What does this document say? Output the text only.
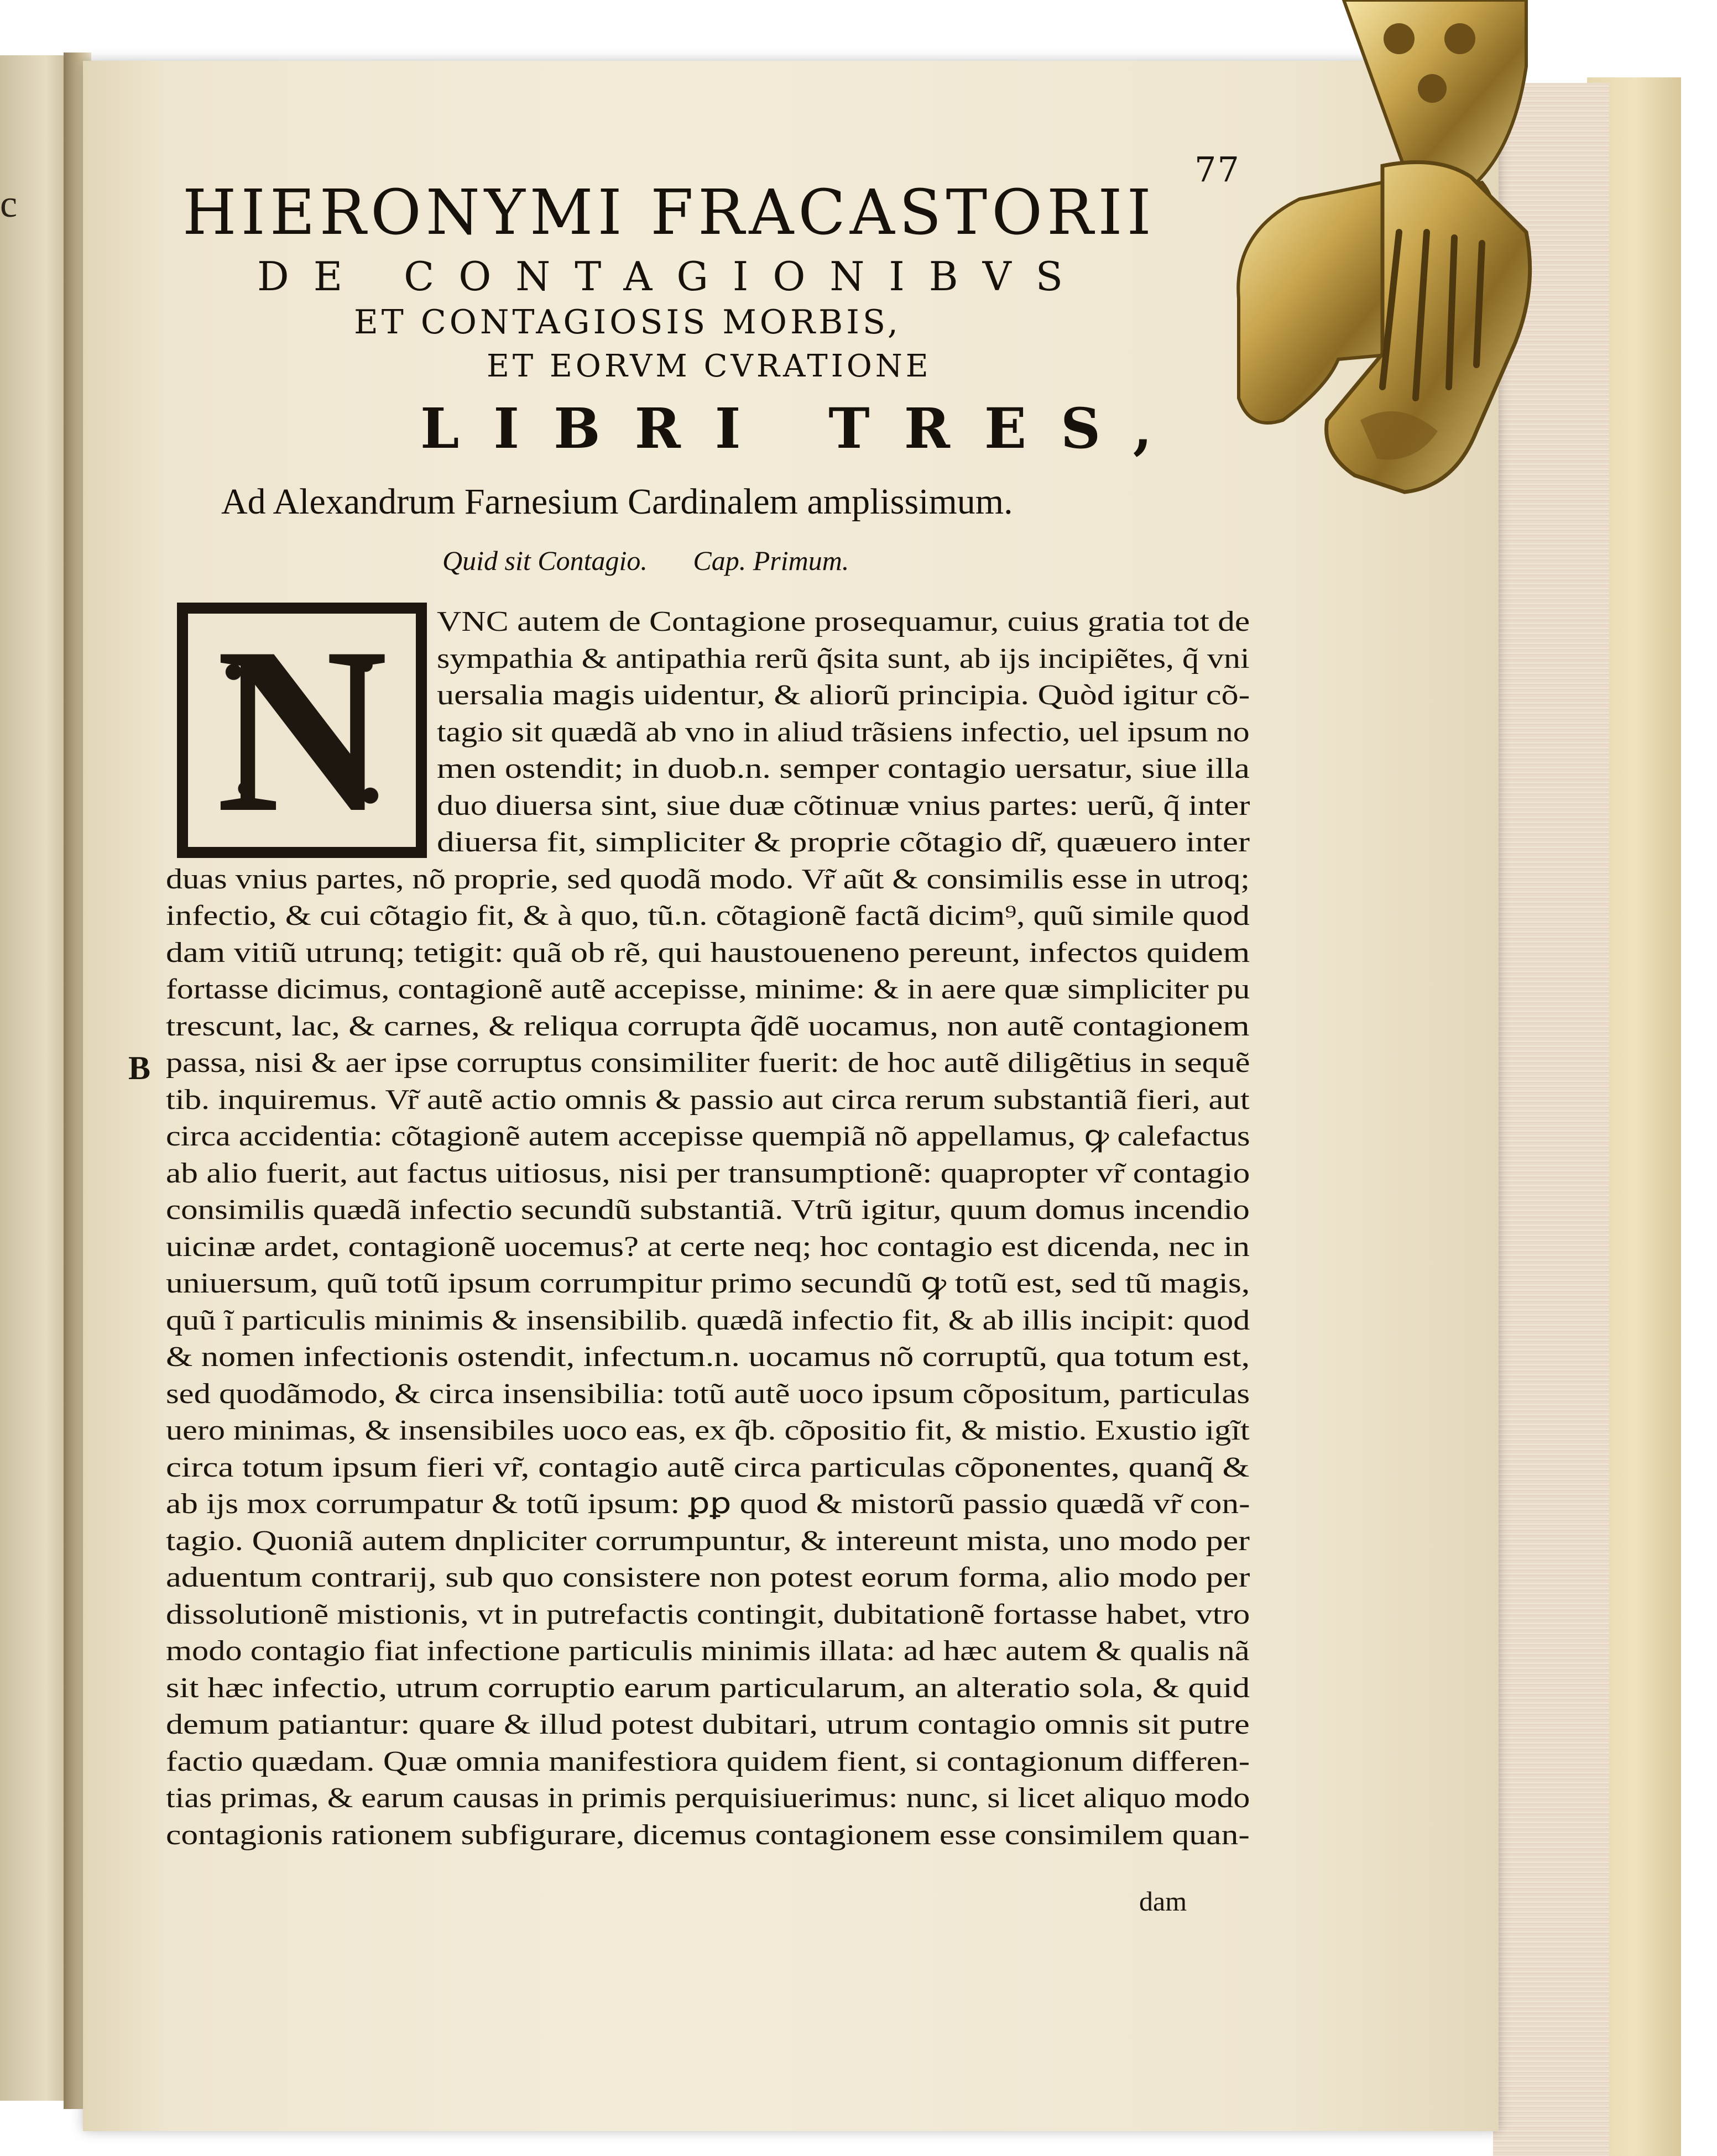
c
77
HIERONYMI FRACASTORII
DE CONTAGIONIBVS
ET CONTAGIOSIS MORBIS,
ET EORVM CVRATIONE
LIBRI TRES,
Ad Alexandrum Farnesium Cardinalem amplissimum.
Quid sit Contagio. Cap. Primum.
N	VNC autem de Contagione prosequamur, cuius gratia tot de
sympathia & antipathia rerũ q̃sita sunt, ab ijs incipiẽtes, q̃ vni
uersalia magis uidentur, & aliorũ principia. Quòd igitur cõ-
tagio sit quædã ab vno in aliud trãsiens infectio, uel ipsum no
men ostendit; in duob.n. semper contagio uersatur, siue illa
duo diuersa sint, siue duæ cõtinuæ vnius partes: uerũ, q̃ inter
diuersa fit, simpliciter & proprie cõtagio dr̃, quæuero inter
duas vnius partes, nõ proprie, sed quodã modo. Vr̃ aũt & consimilis esse in utroq;
infectio, & cui cõtagio fit, & à quo, tũ.n. cõtagionẽ factã dicim⁹, quũ simile quod
dam vitiũ utrunq; tetigit: quã ob rẽ, qui haustoueneno pereunt, infectos quidem
fortasse dicimus, contagionẽ autẽ accepisse, minime: & in aere quæ simpliciter pu
trescunt, lac, & carnes, & reliqua corrupta q̃dẽ uocamus, non autẽ contagionem
passa, nisi & aer ipse corruptus consimiliter fuerit: de hoc autẽ diligẽtius in sequẽ
tib. inquiremus. Vr̃ autẽ actio omnis & passio aut circa rerum substantiã fieri, aut
circa accidentia: cõtagionẽ autem accepisse quempiã nõ appellamus, ꝙ calefactus
ab alio fuerit, aut factus uitiosus, nisi per transumptionẽ: quapropter vr̃ contagio
consimilis quædã infectio secundũ substantiã. Vtrũ igitur, quum domus incendio
uicinæ ardet, contagionẽ uocemus? at certe neq; hoc contagio est dicenda, nec in
uniuersum, quũ totũ ipsum corrumpitur primo secundũ ꝙ totũ est, sed tũ magis,
quũ ĩ particulis minimis & insensibilib. quædã infectio fit, & ab illis incipit: quod
& nomen infectionis ostendit, infectum.n. uocamus nõ corruptũ, qua totum est,
sed quodãmodo, & circa insensibilia: totũ autẽ uoco ipsum cõpositum, particulas
uero minimas, & insensibiles uoco eas, ex q̃b. cõpositio fit, & mistio. Exustio igĩt
circa totum ipsum fieri vr̃, contagio autẽ circa particulas cõponentes, quanq̃ &
ab ijs mox corrumpatur & totũ ipsum: ꝑꝑ quod & mistorũ passio quædã vr̃ con-
tagio. Quoniã autem dnpliciter corrumpuntur, & intereunt mista, uno modo per
aduentum contrarij, sub quo consistere non potest eorum forma, alio modo per
dissolutionẽ mistionis, vt in putrefactis contingit, dubitationẽ fortasse habet, vtro
modo contagio fiat infectione particulis minimis illata: ad hæc autem & qualis nã
sit hæc infectio, utrum corruptio earum particularum, an alteratio sola, & quid
demum patiantur: quare & illud potest dubitari, utrum contagio omnis sit putre
factio quædam. Quæ omnia manifestiora quidem fient, si contagionum differen-
tias primas, & earum causas in primis perquisiuerimus: nunc, si licet aliquo modo
contagionis rationem subfigurare, dicemus contagionem esse consimilem quan-
B
dam
